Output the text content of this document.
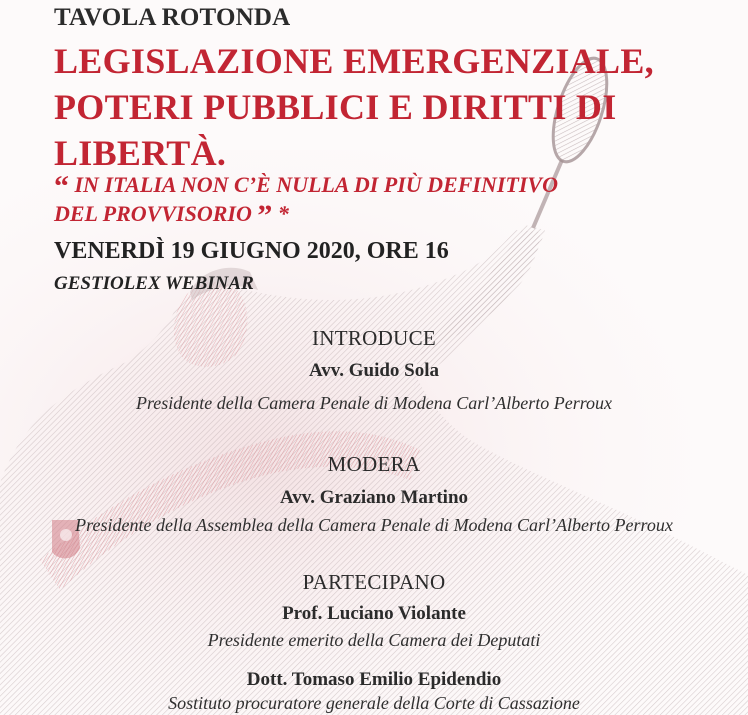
TAVOLA ROTONDA
LEGISLAZIONE EMERGENZIALE,
POTERI PUBBLICI E DIRITTI DI
LIBERTÀ.
“ IN ITALIA NON C’È NULLA DI PIÙ DEFINITIVO
DEL PROVVISORIO ” *
VENERDÌ 19 GIUGNO 2020, ORE 16
GESTIOLEX WEBINAR
INTRODUCE
Avv. Guido Sola
Presidente della Camera Penale di Modena Carl’Alberto Perroux
MODERA
Avv. Graziano Martino
Presidente della Assemblea della Camera Penale di Modena Carl’Alberto Perroux
PARTECIPANO
Prof. Luciano Violante
Presidente emerito della Camera dei Deputati
Dott. Tomaso Emilio Epidendio
Sostituto procuratore generale della Corte di Cassazione
